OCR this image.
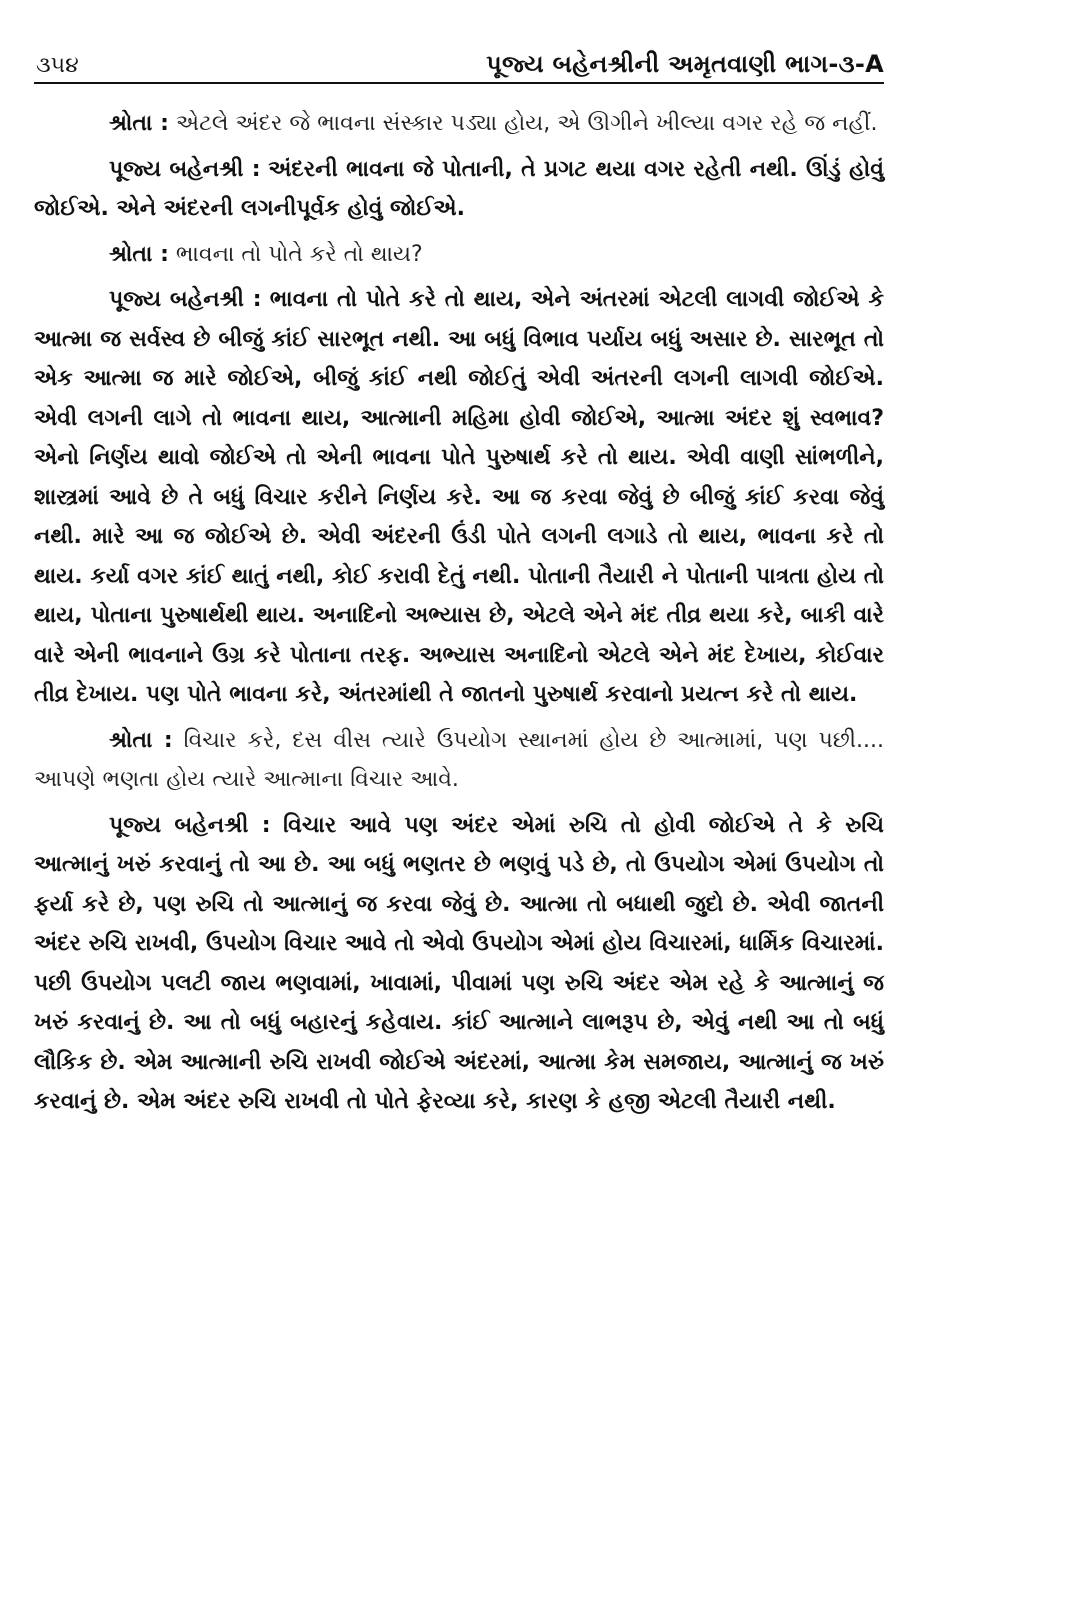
૩૫૪	પૂજ્ય બહેનશ્રીની અમૃતવાણી ભાગ-૩-A

શ્રોતા : એટલે અંદર જે ભાવના સંસ્કાર પડ્યા હોય, એ ઊગીને ખીલ્યા વગર રહે જ નહીં.

પૂજ્ય બહેનશ્રી : અંદરની ભાવના જે પોતાની, તે પ્રગટ થયા વગર રહેતી નથી. ઊંડું હોવું જોઈએ. એને અંદરની લગનીપૂર્વક હોવું જોઈએ.

શ્રોતા : ભાવના તો પોતે કરે તો થાય?

પૂજ્ય બહેનશ્રી : ભાવના તો પોતે કરે તો થાય, એને અંતરમાં એટલી લાગવી જોઈએ કે આત્મા જ સર્વસ્વ છે બીજું કાંઈ સારભૂત નથી. આ બધું વિભાવ પર્યાય બધું અસાર છે. સારભૂત તો એક આત્મા જ મારે જોઈએ, બીજું કાંઈ નથી જોઈતું એવી અંતરની લગની લાગવી જોઈએ. એવી લગની લાગે તો ભાવના થાય, આત્માની મહિમા હોવી જોઈએ, આત્મા અંદર શું સ્વભાવ? એનો નિર્ણય થાવો જોઈએ તો એની ભાવના પોતે પુરુષાર્થ કરે તો થાય. એવી વાણી સાંભળીને, શાસ્ત્રમાં આવે છે તે બધું વિચાર કરીને નિર્ણય કરે. આ જ કરવા જેવું છે બીજું કાંઈ કરવા જેવું નથી. મારે આ જ જોઈએ છે. એવી અંદરની ઉંડી પોતે લગની લગાડે તો થાય, ભાવના કરે તો થાય. કર્યા વગર કાંઈ થાતું નથી, કોઈ કરાવી દેતું નથી. પોતાની તૈયારી ને પોતાની પાત્રતા હોય તો થાય, પોતાના પુરુષાર્થથી થાય. અનાદિનો અભ્યાસ છે, એટલે એને મંદ તીવ્ર થયા કરે, બાકી વારે વારે એની ભાવનાને ઉગ્ર કરે પોતાના તરફ. અભ્યાસ અનાદિનો એટલે એને મંદ દેખાય, કોઈવાર તીવ્ર દેખાય. પણ પોતે ભાવના કરે, અંતરમાંથી તે જાતનો પુરુષાર્થ કરવાનો પ્રયત્ન કરે તો થાય.

શ્રોતા : વિચાર કરે, દસ વીસ ત્યારે ઉપયોગ સ્થાનમાં હોય છે આત્મામાં, પણ પછી.... આપણે ભણતા હોય ત્યારે આત્માના વિચાર આવે.

પૂજ્ય બહેનશ્રી : વિચાર આવે પણ અંદર એમાં રુચિ તો હોવી જોઈએ તે કે રુચિ આત્માનું ખરું કરવાનું તો આ છે. આ બધું ભણતર છે ભણવું પડે છે, તો ઉપયોગ એમાં ઉપયોગ તો ફર્યા કરે છે, પણ રુચિ તો આત્માનું જ કરવા જેવું છે. આત્મા તો બધાથી જુદો છે. એવી જાતની અંદર રુચિ રાખવી, ઉપયોગ વિચાર આવે તો એવો ઉપયોગ એમાં હોય વિચારમાં, ધાર્મિક વિચારમાં. પછી ઉપયોગ પલટી જાય ભણવામાં, ખાવામાં, પીવામાં પણ રુચિ અંદર એમ રહે કે આત્માનું જ ખરું કરવાનું છે. આ તો બધું બહારનું કહેવાય. કાંઈ આત્માને લાભરૂપ છે, એવું નથી આ તો બધું લૌકિક છે. એમ આત્માની રુચિ રાખવી જોઈએ અંદરમાં, આત્મા કેમ સમજાય, આત્માનું જ ખરું કરવાનું છે. એમ અંદર રુચિ રાખવી તો પોતે ફેરવ્યા કરે, કારણ કે હજી એટલી તૈયારી નથી.
